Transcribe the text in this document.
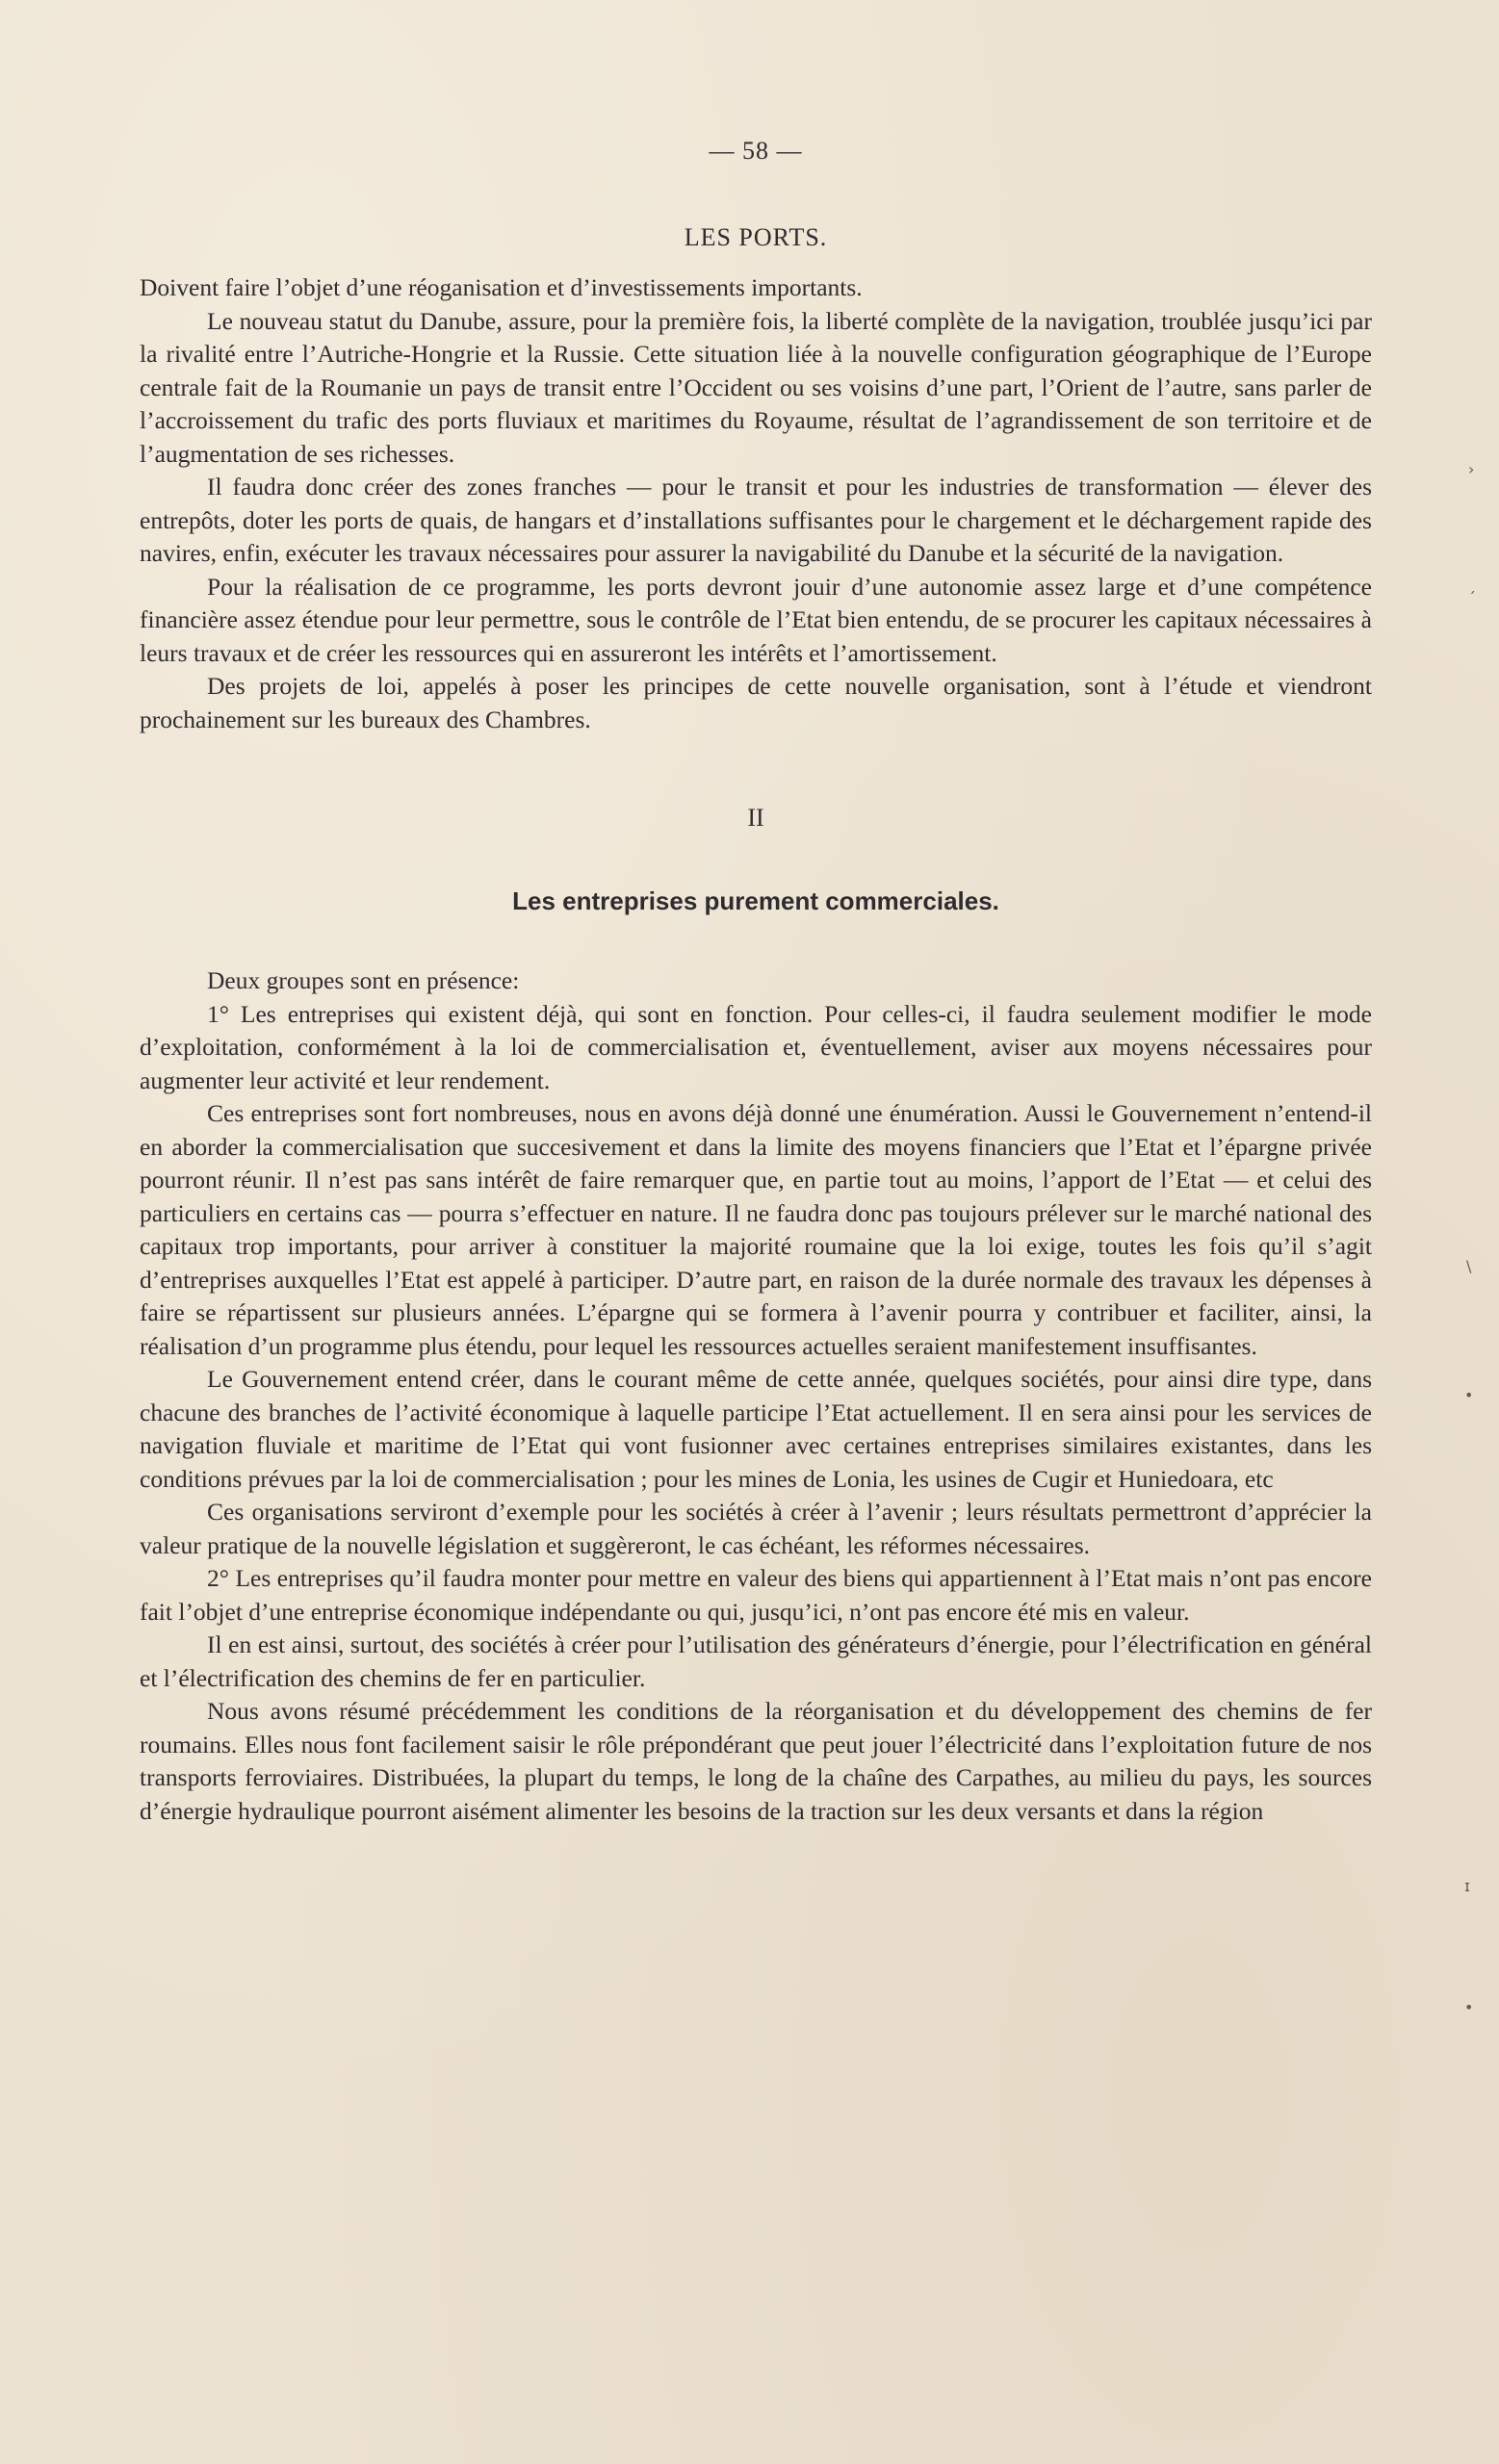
›
´
\
•
ɪ
•
— 58 —
LES PORTS.

Doivent faire l’objet d’une réoganisation et d’investissements importants.

Le nouveau statut du Danube, assure, pour la première fois, la liberté complète de la navigation, troublée jusqu’ici par la rivalité entre l’Autriche-Hongrie et la Russie. Cette situation liée à la nouvelle configuration géographique de l’Europe centrale fait de la Roumanie un pays de transit entre l’Occident ou ses voisins d’une part, l’Orient de l’autre, sans parler de l’accroissement du trafic des ports fluviaux et maritimes du Royaume, résultat de l’agrandissement de son territoire et de l’augmentation de ses richesses.

Il faudra donc créer des zones franches — pour le transit et pour les industries de transformation — élever des entrepôts, doter les ports de quais, de hangars et d’installations suffisantes pour le chargement et le déchargement rapide des navires, enfin, exécuter les travaux nécessaires pour assurer la navigabilité du Danube et la sécurité de la navigation.

Pour la réalisation de ce programme, les ports devront jouir d’une autonomie assez large et d’une compétence financière assez étendue pour leur permettre, sous le contrôle de l’Etat bien entendu, de se procurer les capitaux nécessaires à leurs travaux et de créer les ressources qui en assureront les intérêts et l’amortissement.

Des projets de loi, appelés à poser les principes de cette nouvelle organisation, sont à l’étude et viendront prochainement sur les bureaux des Chambres.

II
Les entreprises purement commerciales.

Deux groupes sont en présence:

1° Les entreprises qui existent déjà, qui sont en fonction. Pour celles-ci, il faudra seulement modifier le mode d’exploitation, conformément à la loi de commercialisation et, éventuellement, aviser aux moyens nécessaires pour augmenter leur activité et leur rendement.

Ces entreprises sont fort nombreuses, nous en avons déjà donné une énumération. Aussi le Gouvernement n’entend-il en aborder la commercialisation que succesivement et dans la limite des moyens financiers que l’Etat et l’épargne privée pourront réunir. Il n’est pas sans intérêt de faire remarquer que, en partie tout au moins, l’apport de l’Etat — et celui des particuliers en certains cas — pourra s’effectuer en nature. Il ne faudra donc pas toujours prélever sur le marché national des capitaux trop importants, pour arriver à constituer la majorité roumaine que la loi exige, toutes les fois qu’il s’agit d’entreprises auxquelles l’Etat est appelé à participer. D’autre part, en raison de la durée normale des travaux les dépenses à faire se répartissent sur plusieurs années. L’épargne qui se formera à l’avenir pourra y contribuer et faciliter, ainsi, la réalisation d’un programme plus étendu, pour lequel les ressources actuelles seraient manifestement insuffisantes.

Le Gouvernement entend créer, dans le courant même de cette année, quelques sociétés, pour ainsi dire type, dans chacune des branches de l’activité économique à laquelle participe l’Etat actuellement. Il en sera ainsi pour les services de navigation fluviale et maritime de l’Etat qui vont fusionner avec certaines entreprises similaires existantes, dans les conditions prévues par la loi de commercialisation ; pour les mines de Lonia, les usines de Cugir et Huniedoara, etc

Ces organisations serviront d’exemple pour les sociétés à créer à l’avenir ; leurs résultats permettront d’apprécier la valeur pratique de la nouvelle législation et suggèreront, le cas échéant, les réformes nécessaires.

2° Les entreprises qu’il faudra monter pour mettre en valeur des biens qui appartiennent à l’Etat mais n’ont pas encore fait l’objet d’une entreprise économique indépendante ou qui, jusqu’ici, n’ont pas encore été mis en valeur.

Il en est ainsi, surtout, des sociétés à créer pour l’utilisation des générateurs d’énergie, pour l’électrification en général et l’électrification des chemins de fer en particulier.

Nous avons résumé précédemment les conditions de la réorganisation et du développement des chemins de fer roumains. Elles nous font facilement saisir le rôle prépondérant que peut jouer l’électricité dans l’exploitation future de nos transports ferroviaires. Distribuées, la plupart du temps, le long de la chaîne des Carpathes, au milieu du pays, les sources d’énergie hydraulique pourront aisément alimenter les besoins de la traction sur les deux versants et dans la région
